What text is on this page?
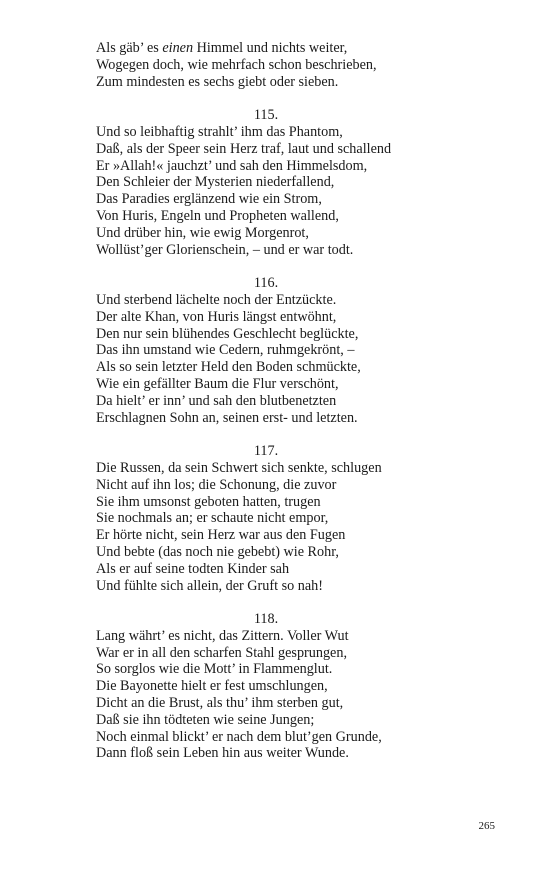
Als gäb’ es einen Himmel und nichts weiter,
Wogegen doch, wie mehrfach schon beschrieben,
Zum mindesten es sechs giebt oder sieben.
115.
Und so leibhaftig strahlt’ ihm das Phantom,
Daß, als der Speer sein Herz traf, laut und schallend
Er »Allah!« jauchzt’ und sah den Himmelsdom,
Den Schleier der Mysterien niederfallend,
Das Paradies erglänzend wie ein Strom,
Von Huris, Engeln und Propheten wallend,
Und drüber hin, wie ewig Morgenrot,
Wollüst’ger Glorienschein, – und er war todt.
116.
Und sterbend lächelte noch der Entzückte.
Der alte Khan, von Huris längst entwöhnt,
Den nur sein blühendes Geschlecht beglückte,
Das ihn umstand wie Cedern, ruhmgekrönt, –
Als so sein letzter Held den Boden schmückte,
Wie ein gefällter Baum die Flur verschönt,
Da hielt’ er inn’ und sah den blutbenetzten
Erschlagnen Sohn an, seinen erst- und letzten.
117.
Die Russen, da sein Schwert sich senkte, schlugen
Nicht auf ihn los; die Schonung, die zuvor
Sie ihm umsonst geboten hatten, trugen
Sie nochmals an; er schaute nicht empor,
Er hörte nicht, sein Herz war aus den Fugen
Und bebte (das noch nie gebebt) wie Rohr,
Als er auf seine todten Kinder sah
Und fühlte sich allein, der Gruft so nah!
118.
Lang währt’ es nicht, das Zittern. Voller Wut
War er in all den scharfen Stahl gesprungen,
So sorglos wie die Mott’ in Flammenglut.
Die Bayonette hielt er fest umschlungen,
Dicht an die Brust, als thu’ ihm sterben gut,
Daß sie ihn tödteten wie seine Jungen;
Noch einmal blickt’ er nach dem blut’gen Grunde,
Dann floß sein Leben hin aus weiter Wunde.
265
